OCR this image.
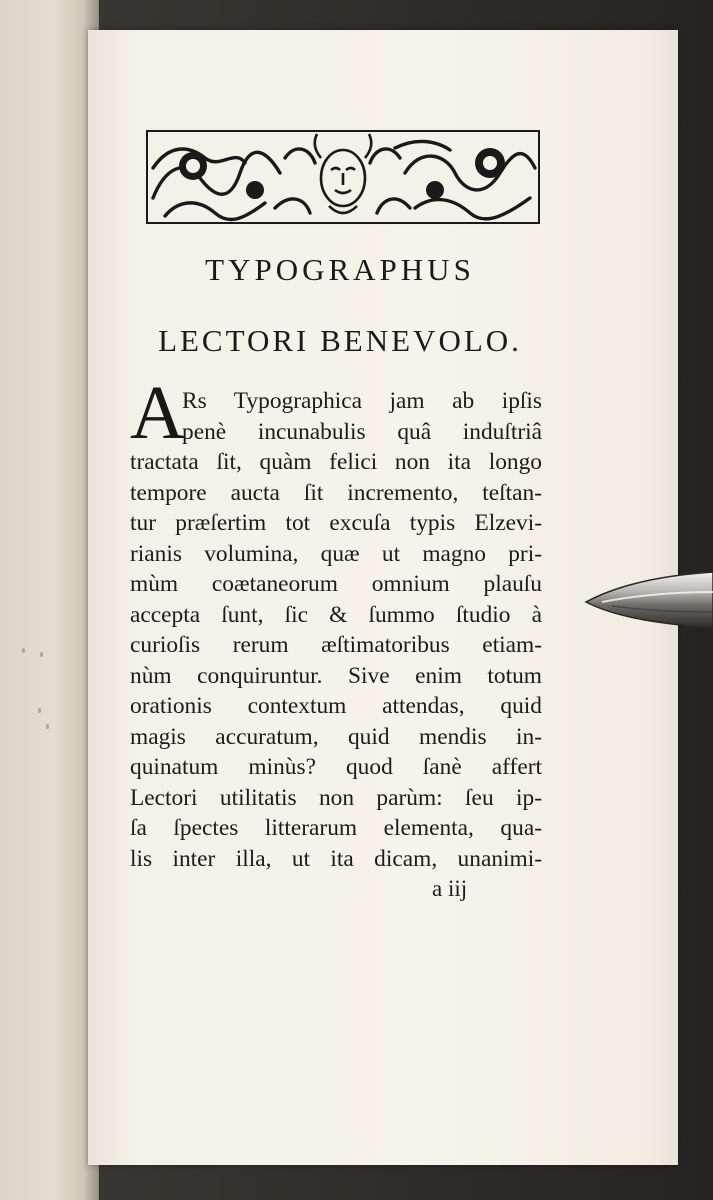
TYPOGRAPHUS
LECTORI BENEVOLO.
A
Rs Typographica jam ab ipſis
penè incunabulis quâ induſtriâ
tractata ſit, quàm felici non ita longo
tempore aucta ſit incremento, teſtan-
tur præſertim tot excuſa typis Elzevi-
rianis volumina, quæ ut magno pri-
mùm coætaneorum omnium plauſu
accepta ſunt, ſic & ſummo ſtudio à
curioſis rerum æſtimatoribus etiam-
nùm conquiruntur. Sive enim totum
orationis contextum attendas, quid
magis accuratum, quid mendis in-
quinatum minùs? quod ſanè affert
Lectori utilitatis non parùm: ſeu ip-
ſa ſpectes litterarum elementa, qua-
lis inter illa, ut ita dicam, unanimi-
a iij
